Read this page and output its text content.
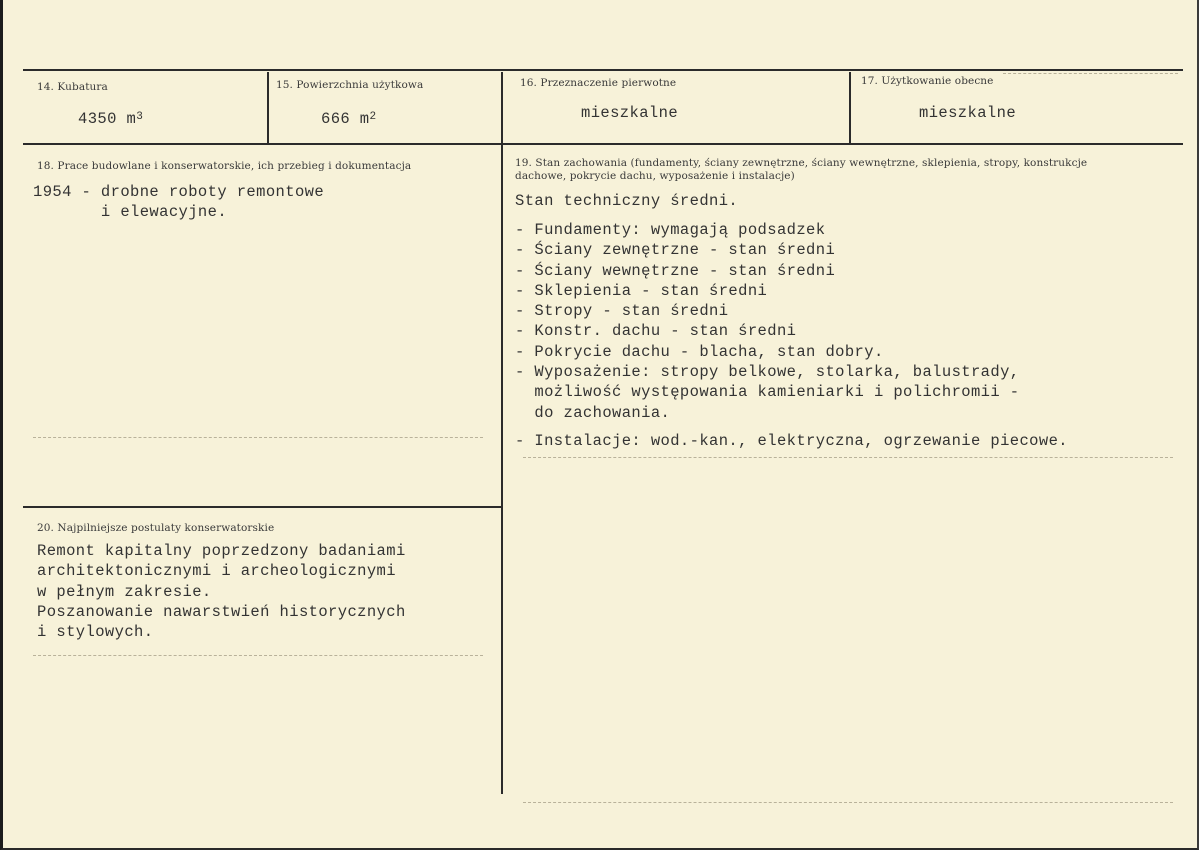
14. Kubatura
4350 $m^3$
15. Powierzchnia użytkowa
666 $m^2$
16. Przeznaczenie pierwotne
mieszkalne
17. Użytkowanie obecne
mieszkalne
18. Prace budowlane i konserwatorskie, ich przebieg i dokumentacja
1954 - drobne roboty remontowe
i elewacyjne.
19. Stan zachowania (fundamenty, ściany zewnętrzne, ściany wewnętrzne, sklepienia, stropy, konstrukcje dachowe, pokrycie dachu, wyposażenie i instalacje)
Stan techniczny średni.
- Fundamenty: wymagają podsadzek
- Ściany zewnętrzne - stan średni
- Ściany wewnętrzne - stan średni
- Sklepienia - stan średni
- Stropy - stan średni
- Konstr. dachu - stan średni
- Pokrycie dachu - blacha, stan dobry.
- Wyposażenie: stropy belkowe, stolarka, balustrady,
możliwość występowania kamieniarki i polichromii -
do zachowania.
- Instalacje: wod.-kan., elektryczna, ogrzewanie piecowe.
20. Najpilniejsze postulaty konserwatorskie
Remont kapitalny poprzedzony badaniami
architektonicznymi i archeologicznymi
w pełnym zakresie.
Poszanowanie nawarstwień historycznych
i stylowych.
